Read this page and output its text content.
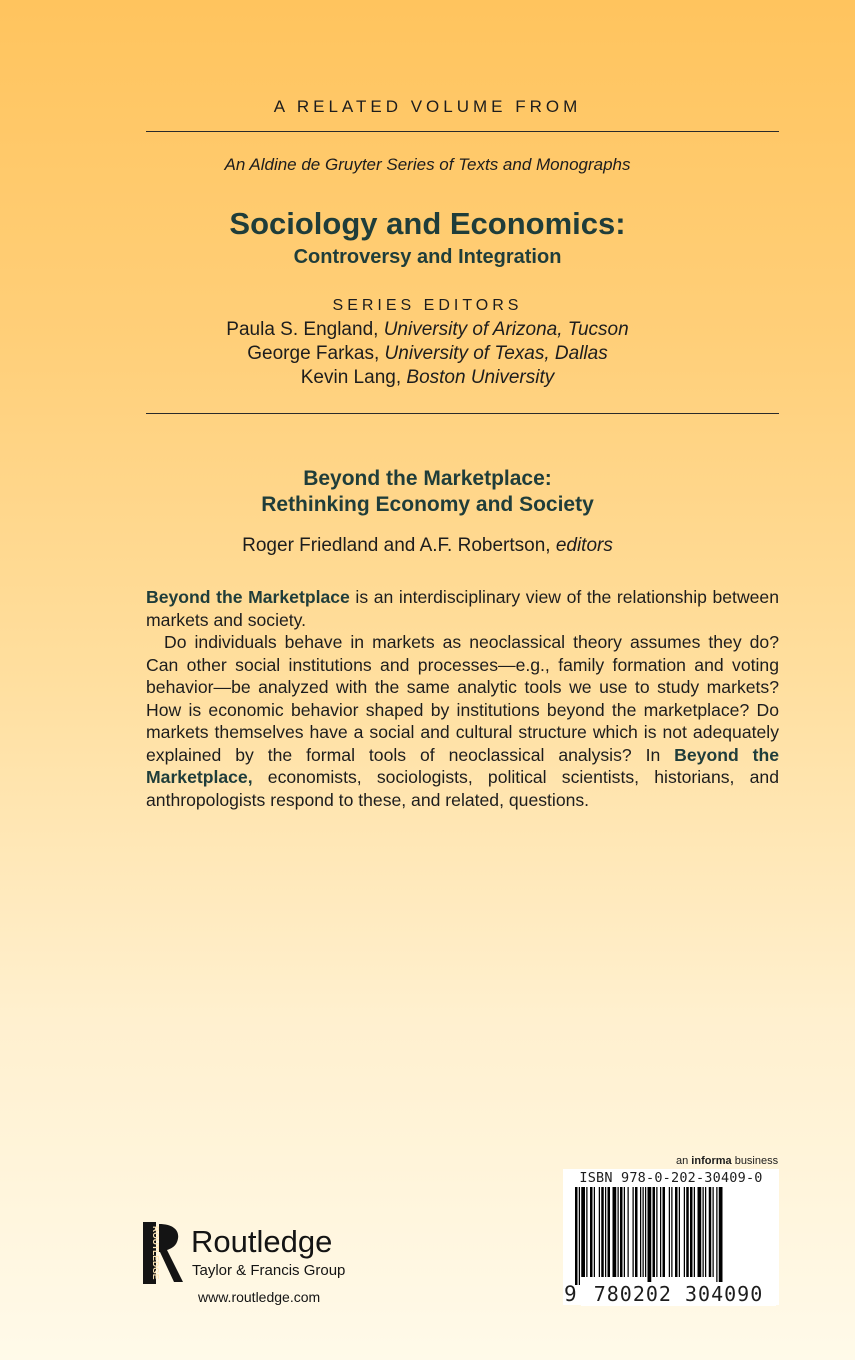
A RELATED VOLUME FROM
An Aldine de Gruyter Series of Texts and Monographs
Sociology and Economics:
Controversy and Integration
SERIES EDITORS
Paula S. England, University of Arizona, Tucson
George Farkas, University of Texas, Dallas
Kevin Lang, Boston University
Beyond the Marketplace:
Rethinking Economy and Society
Roger Friedland and A.F. Robertson, editors

Beyond the Marketplace is an interdisciplinary view of the relationship between markets and society.

Do individuals behave in markets as neoclassical theory assumes they do? Can other social institutions and processes—e.g., family formation and voting behavior—be analyzed with the same analytic tools we use to study markets? How is economic behavior shaped by institutions beyond the marketplace? Do markets themselves have a social and cultural structure which is not adequately explained by the formal tools of neoclassical analysis? In Beyond the Marketplace, economists, sociologists, political scientists, historians, and anthropologists respond to these, and related, questions.

an informa business
ISBN 978-0-202-30409-0
9 780202 304090
ROUTLEDGE Routledge
Taylor & Francis Group
www.routledge.com
